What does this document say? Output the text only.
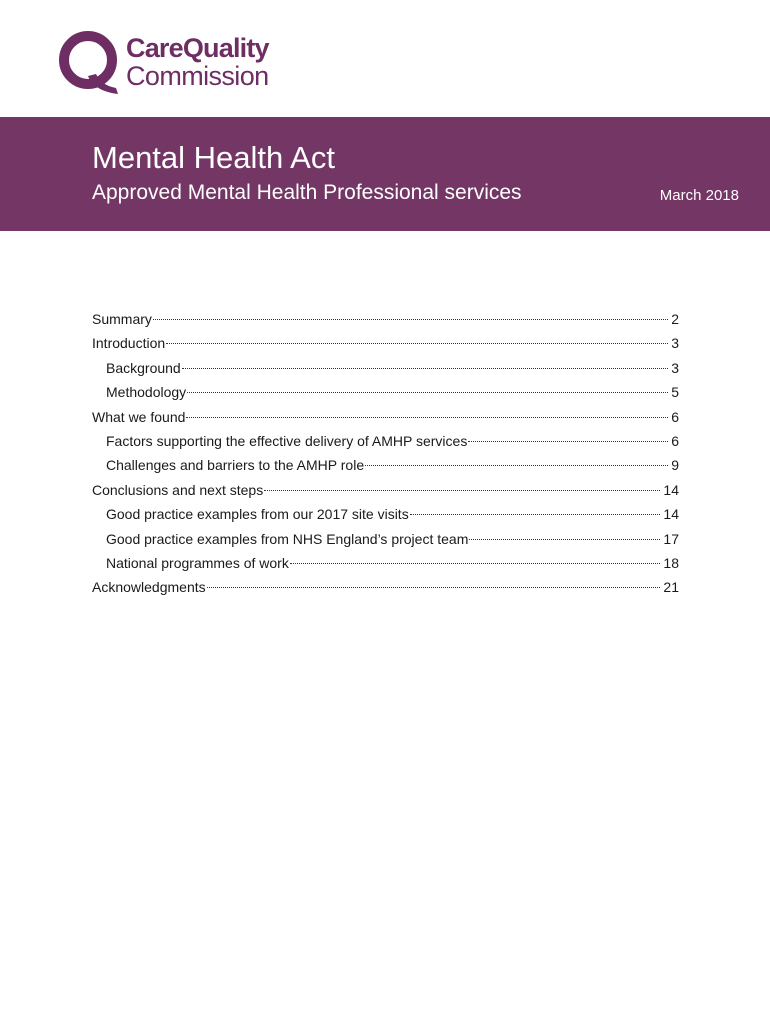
CareQuality
Commission
Mental Health Act
Approved Mental Health Professional services	March 2018
Summary	2
Introduction	3
Background	3
Methodology	5
What we found	6
Factors supporting the effective delivery of AMHP services	6
Challenges and barriers to the AMHP role	9
Conclusions and next steps	14
Good practice examples from our 2017 site visits	14
Good practice examples from NHS England’s project team	17
National programmes of work	18
Acknowledgments	21
